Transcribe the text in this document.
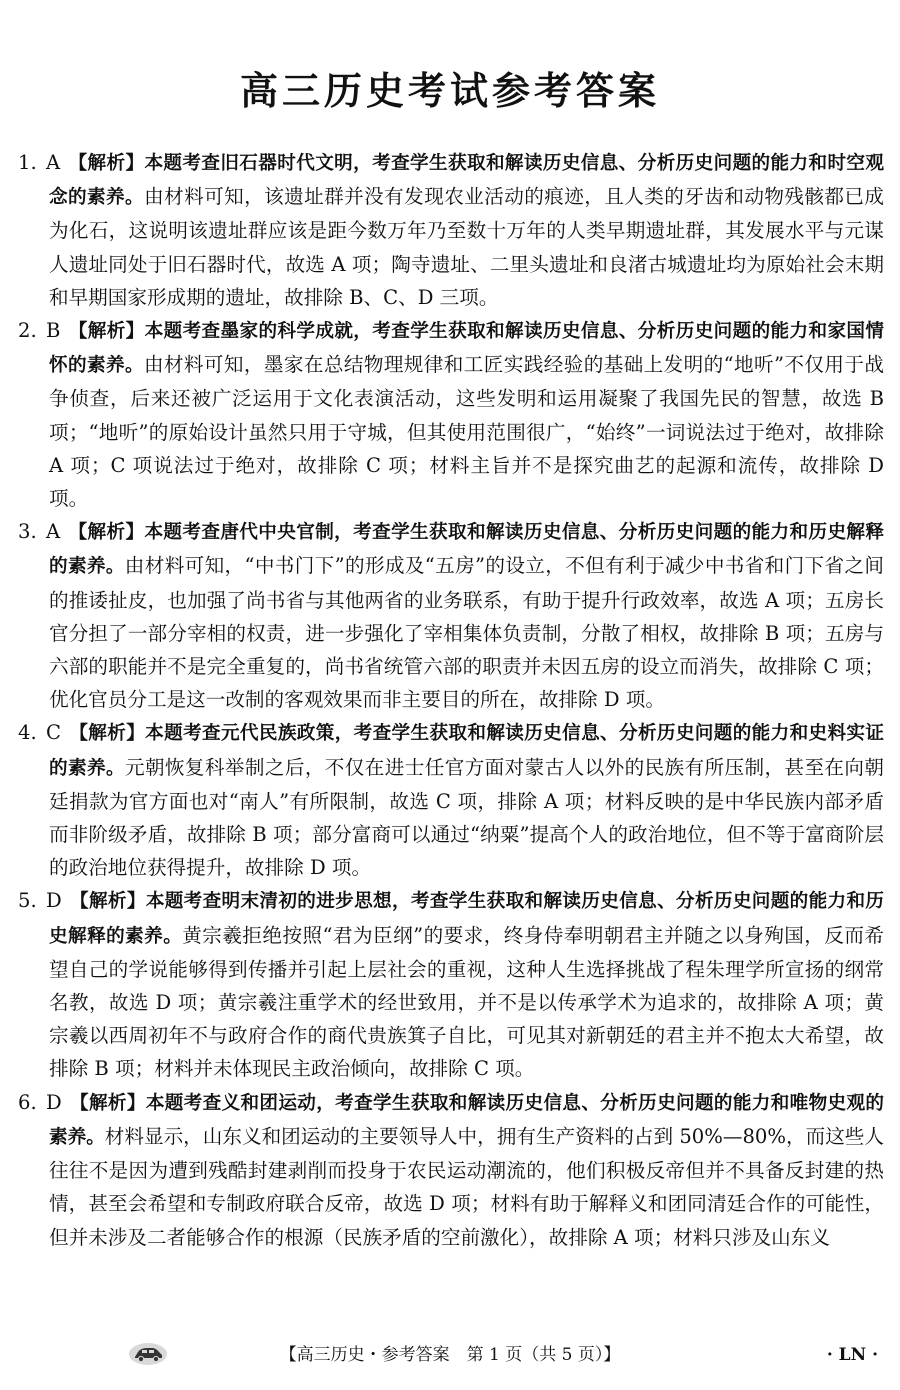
高三历史考试参考答案

1. A 【解析】本题考查旧石器时代文明，考查学生获取和解读历史信息、分析历史问题的能力和时空观念的素养。由材料可知，该遗址群并没有发现农业活动的痕迹，且人类的牙齿和动物残骸都已成为化石，这说明该遗址群应该是距今数万年乃至数十万年的人类早期遗址群，其发展水平与元谋人遗址同处于旧石器时代，故选 A 项；陶寺遗址、二里头遗址和良渚古城遗址均为原始社会末期和早期国家形成期的遗址，故排除 B、C、D 三项。

2. B 【解析】本题考查墨家的科学成就，考查学生获取和解读历史信息、分析历史问题的能力和家国情怀的素养。由材料可知，墨家在总结物理规律和工匠实践经验的基础上发明的“地听”不仅用于战争侦查，后来还被广泛运用于文化表演活动，这些发明和运用凝聚了我国先民的智慧，故选 B 项；“地听”的原始设计虽然只用于守城，但其使用范围很广，“始终”一词说法过于绝对，故排除 A 项；C 项说法过于绝对，故排除 C 项；材料主旨并不是探究曲艺的起源和流传，故排除 D 项。

3. A 【解析】本题考查唐代中央官制，考查学生获取和解读历史信息、分析历史问题的能力和历史解释的素养。由材料可知，“中书门下”的形成及“五房”的设立，不但有利于减少中书省和门下省之间的推诿扯皮，也加强了尚书省与其他两省的业务联系，有助于提升行政效率，故选 A 项；五房长官分担了一部分宰相的权责，进一步强化了宰相集体负责制，分散了相权，故排除 B 项；五房与六部的职能并不是完全重复的，尚书省统管六部的职责并未因五房的设立而消失，故排除 C 项；优化官员分工是这一改制的客观效果而非主要目的所在，故排除 D 项。

4. C 【解析】本题考查元代民族政策，考查学生获取和解读历史信息、分析历史问题的能力和史料实证的素养。元朝恢复科举制之后，不仅在进士任官方面对蒙古人以外的民族有所压制，甚至在向朝廷捐款为官方面也对“南人”有所限制，故选 C 项，排除 A 项；材料反映的是中华民族内部矛盾而非阶级矛盾，故排除 B 项；部分富商可以通过“纳粟”提高个人的政治地位，但不等于富商阶层的政治地位获得提升，故排除 D 项。

5. D 【解析】本题考查明末清初的进步思想，考查学生获取和解读历史信息、分析历史问题的能力和历史解释的素养。黄宗羲拒绝按照“君为臣纲”的要求，终身侍奉明朝君主并随之以身殉国，反而希望自己的学说能够得到传播并引起上层社会的重视，这种人生选择挑战了程朱理学所宣扬的纲常名教，故选 D 项；黄宗羲注重学术的经世致用，并不是以传承学术为追求的，故排除 A 项；黄宗羲以西周初年不与政府合作的商代贵族箕子自比，可见其对新朝廷的君主并不抱太大希望，故排除 B 项；材料并未体现民主政治倾向，故排除 C 项。

6. D 【解析】本题考查义和团运动，考查学生获取和解读历史信息、分析历史问题的能力和唯物史观的素养。材料显示，山东义和团运动的主要领导人中，拥有生产资料的占到 50%—80%，而这些人往往不是因为遭到残酷封建剥削而投身于农民运动潮流的，他们积极反帝但并不具备反封建的热情，甚至会希望和专制政府联合反帝，故选 D 项；材料有助于解释义和团同清廷合作的可能性，但并未涉及二者能够合作的根源（民族矛盾的空前激化），故排除 A 项；材料只涉及山东义

【高三历史・参考答案　第 1 页（共 5 页）】	· LN ·
